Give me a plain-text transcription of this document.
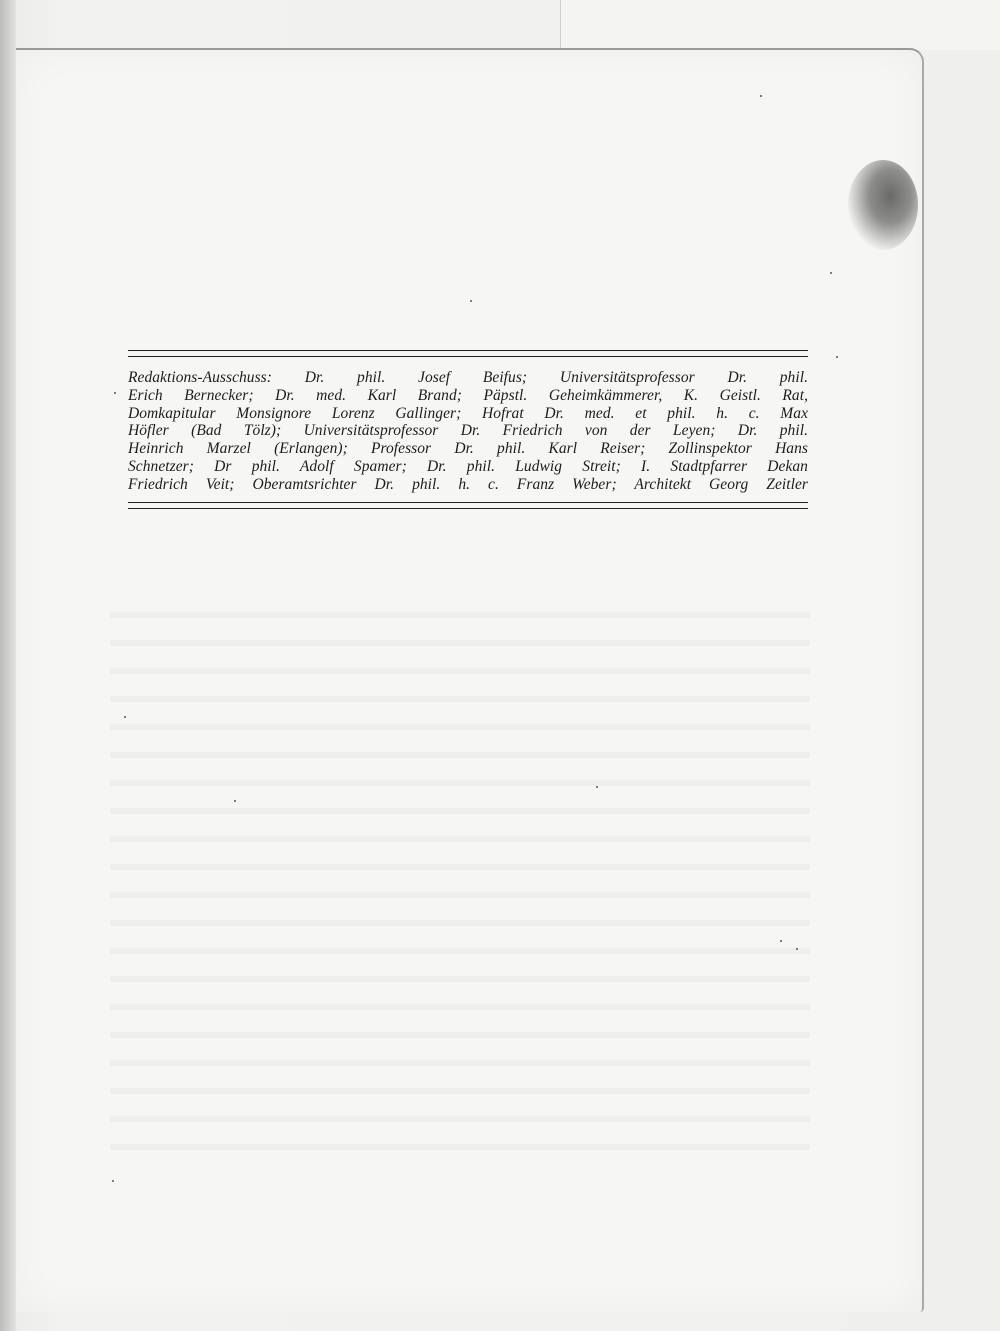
Redaktions-Ausschuss: Dr. phil. Josef Beifus; Universitätsprofessor Dr. phil.
Erich Bernecker; Dr. med. Karl Brand; Päpstl. Geheimkämmerer, K. Geistl. Rat,
Domkapitular Monsignore Lorenz Gallinger; Hofrat Dr. med. et phil. h. c. Max
Höfler (Bad Tölz); Universitätsprofessor Dr. Friedrich von der Leyen; Dr. phil.
Heinrich Marzel (Erlangen); Professor Dr. phil. Karl Reiser; Zollinspektor Hans
Schnetzer; Dr phil. Adolf Spamer; Dr. phil. Ludwig Streit; I. Stadtpfarrer Dekan
Friedrich Veit; Oberamtsrichter Dr. phil. h. c. Franz Weber; Architekt Georg Zeitler
